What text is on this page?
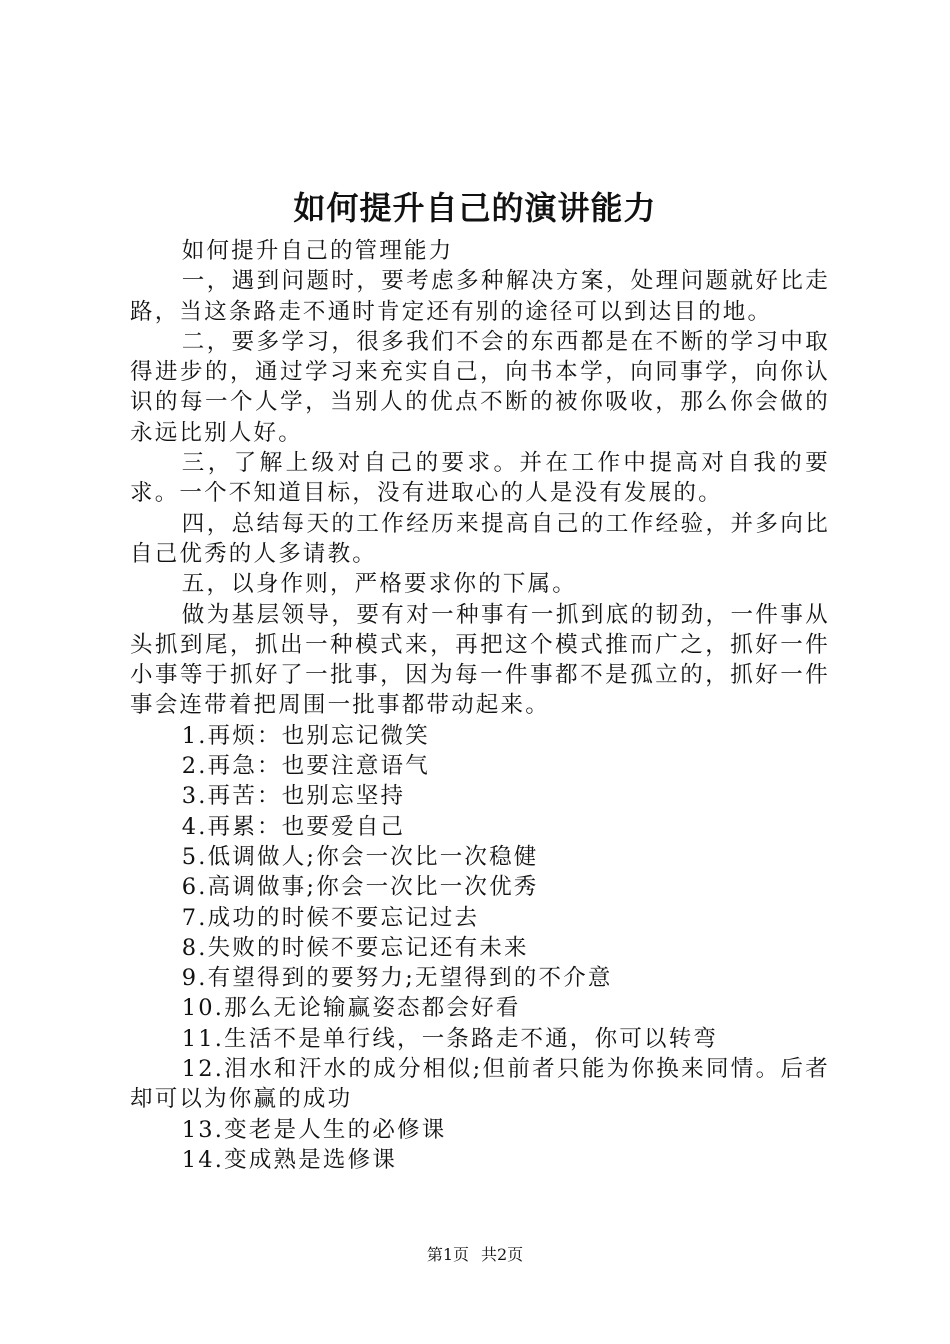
如何提升自己的演讲能力

如何提升自己的管理能力

一，遇到问题时，要考虑多种解决方案，处理问题就好比走路，当这条路走不通时肯定还有别的途径可以到达目的地。

二，要多学习，很多我们不会的东西都是在不断的学习中取得进步的，通过学习来充实自己，向书本学，向同事学，向你认识的每一个人学，当别人的优点不断的被你吸收，那么你会做的永远比别人好。

三，了解上级对自己的要求。并在工作中提高对自我的要求。一个不知道目标，没有进取心的人是没有发展的。

四，总结每天的工作经历来提高自己的工作经验，并多向比自己优秀的人多请教。

五，以身作则，严格要求你的下属。

做为基层领导，要有对一种事有一抓到底的韧劲，一件事从头抓到尾，抓出一种模式来，再把这个模式推而广之，抓好一件小事等于抓好了一批事，因为每一件事都不是孤立的，抓好一件事会连带着把周围一批事都带动起来。

1.再烦：也别忘记微笑

2.再急：也要注意语气

3.再苦：也别忘坚持

4.再累：也要爱自己

5.低调做人;你会一次比一次稳健

6.高调做事;你会一次比一次优秀

7.成功的时候不要忘记过去

8.失败的时候不要忘记还有未来

9.有望得到的要努力;无望得到的不介意

10.那么无论输赢姿态都会好看

11.生活不是单行线，一条路走不通，你可以转弯

12.泪水和汗水的成分相似;但前者只能为你换来同情。后者却可以为你赢的成功

13.变老是人生的必修课

14.变成熟是选修课

第1页 共2页
